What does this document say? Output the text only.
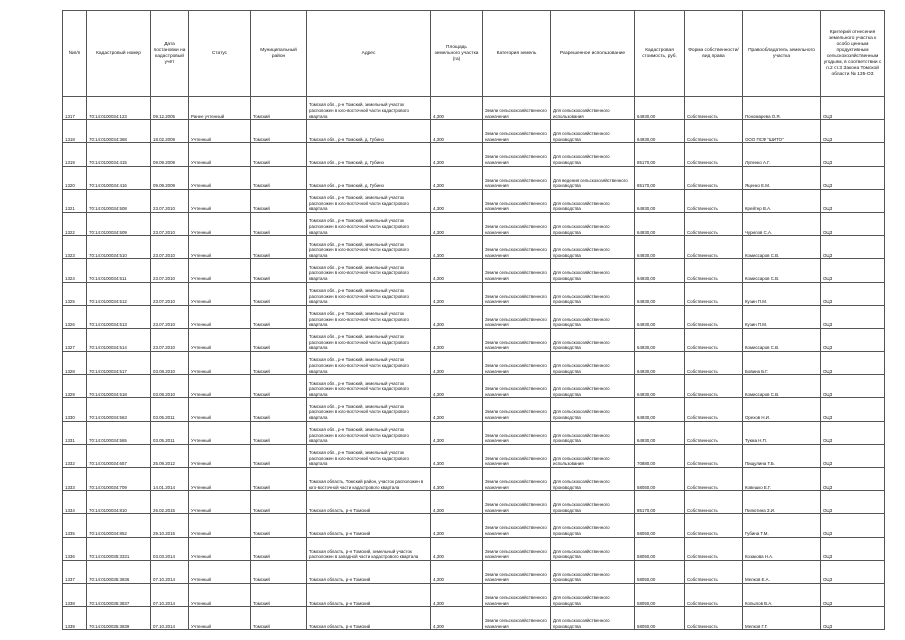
№п/п	Кадастровый номер	Дата постановки на кадастровый учёт	Статус	Муниципальный район	Адрес	Площадь земельного участка (га)	Категория земель	Разрешенное использование	Кадастровая стоимость, руб.	Форма собственности/вид права	Правообладатель земельного участка	Критерий отнесения земельного участка к особо ценным продуктивным сельскохозяйственным угодьям, в соответствии с п.2 ст.3 Закона Томской области № 135-ОЗ
1317	70:14:0100034:123	09.12.2005	Ранее учтенный	Томский	Томская обл., р-н Томский, земельный участок расположен в юго-восточной части кадастрового квартала	4,300	Земли сельскохозяйственного назначения	Для сельскохозяйственного использования	64930,00	Собственность	Пономарева О.Я.	ОЦЗ
1318	70:14:0100034:368	18.02.2009	Учтенный	Томский	Томская обл., р-н Томский, д. Губино	4,300	Земли сельскохозяйственного назначения	Для сельскохозяйственного производства	64930,00	Собственность	ООО ПСФ "ШИТО"	ОЦЗ
1319	70:14:0100034:415	09.09.2009	Учтенный	Томский	Томская обл., р-н Томский, д. Губино	4,300	Земли сельскохозяйственного назначения	Для сельскохозяйственного производства	85170,00	Собственность	Лупенко А.Г.	ОЦЗ
1320	70:14:0100034:416	09.09.2009	Учтенный	Томский	Томская обл., р-н Томский, д. Губино	4,300	Земли сельскохозяйственного назначения	Для ведения сельскохозяйственного производства	85170,00	Собственность	Яценко Е.М.	ОЦЗ
1321	70:14:0100034:508	23.07.2010	Учтенный	Томский	Томская обл., р-н Томский, земельный участок расположен в юго-восточной части кадастрового квартала	4,300	Земли сельскохозяйственного назначения	Для сельскохозяйственного производства	64930,00	Собственность	Крейтер В.А.	ОЦЗ
1322	70:14:0100034:509	23.07.2010	Учтенный	Томский	Томская обл., р-н Томский, земельный участок расположен в юго-восточной части кадастрового квартала	4,300	Земли сельскохозяйственного назначения	Для сельскохозяйственного производства	64930,00	Собственность	Чурилов С.А.	ОЦЗ
1323	70:14:0100034:510	23.07.2010	Учтенный	Томский	Томская обл., р-н Томский, земельный участок расположен в юго-восточной части кадастрового квартала	4,300	Земли сельскохозяйственного назначения	Для сельскохозяйственного производства	64930,00	Собственность	Комиссаров С.В.	ОЦЗ
1324	70:14:0100034:511	23.07.2010	Учтенный	Томский	Томская обл., р-н Томский, земельный участок расположен в юго-восточной части кадастрового квартала	4,300	Земли сельскохозяйственного назначения	Для сельскохозяйственного производства	64930,00	Собственность	Комиссаров С.В.	ОЦЗ
1325	70:14:0100034:512	23.07.2010	Учтенный	Томский	Томская обл., р-н Томский, земельный участок расположен в юго-восточной части кадастрового квартала	4,300	Земли сельскохозяйственного назначения	Для сельскохозяйственного производства	64930,00	Собственность	Кузин П.М.	ОЦЗ
1326	70:14:0100034:513	23.07.2010	Учтенный	Томский	Томская обл., р-н Томский, земельный участок расположен в юго-восточной части кадастрового квартала	4,300	Земли сельскохозяйственного назначения	Для сельскохозяйственного производства	64930,00	Собственность	Кузин П.М.	ОЦЗ
1327	70:14:0100034:514	23.07.2010	Учтенный	Томский	Томская обл., р-н Томский, земельный участок расположен в юго-восточной части кадастрового квартала	4,300	Земли сельскохозяйственного назначения	Для сельскохозяйственного производства	64930,00	Собственность	Комиссаров С.В.	ОЦЗ
1328	70:14:0100034:517	03.08.2010	Учтенный	Томский	Томская обл., р-н Томский, земельный участок расположен в юго-восточной части кадастрового квартала	4,300	Земли сельскохозяйственного назначения	Для сельскохозяйственного производства	64930,00	Собственность	Бовина Б.Г.	ОЦЗ
1329	70:14:0100034:518	03.08.2010	Учтенный	Томский	Томская обл., р-н Томский, земельный участок расположен в юго-восточной части кадастрового квартала	4,300	Земли сельскохозяйственного назначения	Для сельскохозяйственного производства	64930,00	Собственность	Комиссаров С.В.	ОЦЗ
1330	70:14:0100034:563	03.05.2011	Учтенный	Томский	Томская обл., р-н Томский, земельный участок расположен в юго-восточной части кадастрового квартала	4,300	Земли сельскохозяйственного назначения	Для сельскохозяйственного производства	64930,00	Собственность	Орехов Н.И.	ОЦЗ
1331	70:14:0100034:565	03.05.2011	Учтенный	Томский	Томская обл., р-н Томский, земельный участок расположен в юго-восточной части кадастрового квартала	4,300	Земли сельскохозяйственного назначения	Для сельскохозяйственного производства	64930,00	Собственность	Тукма Н.П.	ОЦЗ
1332	70:14:0100034:657	25.09.2012	Учтенный	Томский	Томская обл., р-н Томский, земельный участок расположен в юго-восточной части кадастрового квартала	4,300	Земли сельскохозяйственного назначения	Для сельскохозяйственного использования	70880,00	Собственность	Пищулина Т.Б.	ОЦЗ
1333	70:14:0100034:709	14.01.2014	Учтенный	Томский	Томская область, Томский район, участок расположен в юго-восточной части кадастрового квартала	4,300	Земли сельскохозяйственного назначения	Для сельскохозяйственного производства	58050,00	Собственность	Ковешко Е.Г.	ОЦЗ
1334	70:14:0100034:810	26.02.2015	Учтенный	Томский	Томская область, р-н Томский	4,300	Земли сельскохозяйственного назначения	Для сельскохозяйственного производства	85170,00	Собственность	Пилютина З.И.	ОЦЗ
1335	70:14:0100034:852	29.10.2015	Учтенный	Томский	Томская область, р-н Томский	4,300	Земли сельскохозяйственного назначения	Для сельскохозяйственного производства	58050,00	Собственность	Губина Т.М.	ОЦЗ
1336	70:14:0100035:3331	03.03.2014	Учтенный	Томский	Томская область, р-н Томский, земельный участок расположен в западной части кадастрового квартала	4,300	Земли сельскохозяйственного назначения	Для сельскохозяйственного производства	58050,00	Собственность	Козакова Н.А.	ОЦЗ
1337	70:14:0100035:3836	07.10.2014	Учтенный	Томский	Томская область, р-н Томский	4,300	Земли сельскохозяйственного назначения	Для сельскохозяйственного производства	58050,00	Собственность	Мелков Е.А.	ОЦЗ
1338	70:14:0100035:3837	07.10.2014	Учтенный	Томский	Томская область, р-н Томский	4,300	Земли сельскохозяйственного назначения	Для сельскохозяйственного производства	58050,00	Собственность	Копылов В.А.	ОЦЗ
1339	70:14:0100035:3839	07.10.2014	Учтенный	Томский	Томская область, р-н Томский	4,300	Земли сельскохозяйственного назначения	Для сельскохозяйственного производства	58050,00	Собственность	Мелков Г.Г.	ОЦЗ
